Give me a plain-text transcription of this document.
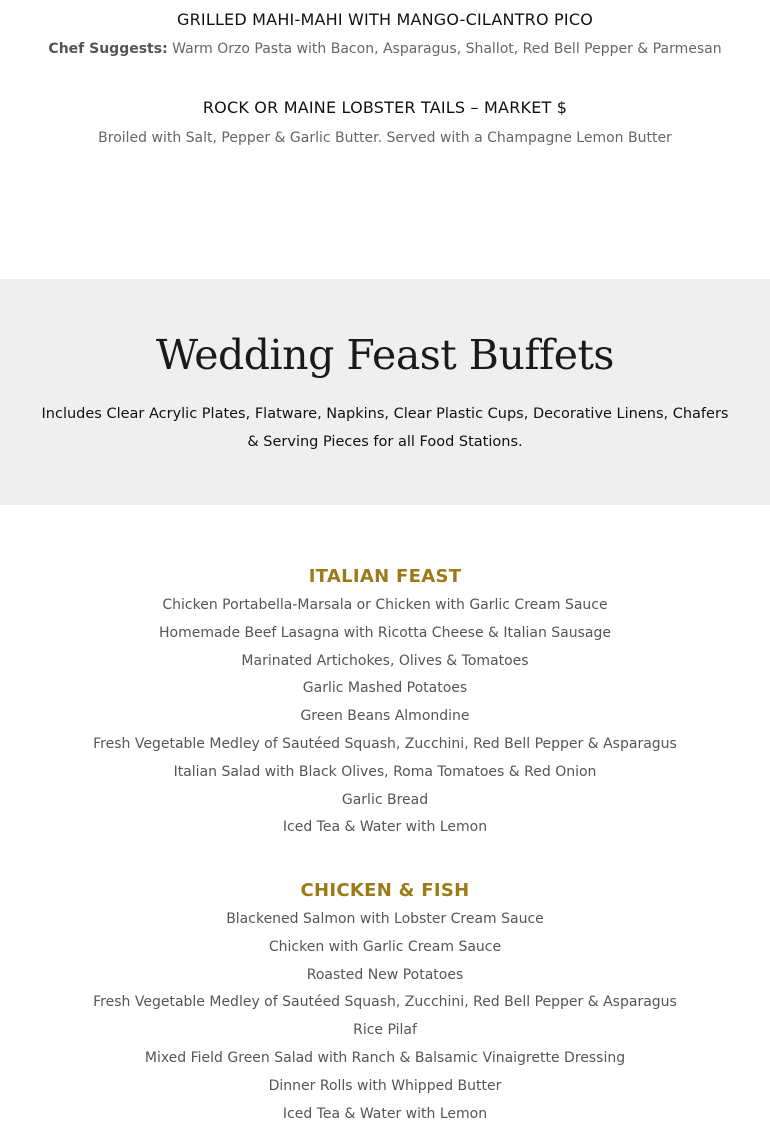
GRILLED MAHI-MAHI WITH MANGO-CILANTRO PICO
Chef Suggests: Warm Orzo Pasta with Bacon, Asparagus, Shallot, Red Bell Pepper & Parmesan
ROCK OR MAINE LOBSTER TAILS – MARKET $
Broiled with Salt, Pepper & Garlic Butter. Served with a Champagne Lemon Butter
Wedding Feast Buffets
Includes Clear Acrylic Plates, Flatware, Napkins, Clear Plastic Cups, Decorative Linens, Chafers & Serving Pieces for all Food Stations.
ITALIAN FEAST
Chicken Portabella-Marsala or Chicken with Garlic Cream Sauce
Homemade Beef Lasagna with Ricotta Cheese & Italian Sausage
Marinated Artichokes, Olives & Tomatoes
Garlic Mashed Potatoes
Green Beans Almondine
Fresh Vegetable Medley of Sautéed Squash, Zucchini, Red Bell Pepper & Asparagus
Italian Salad with Black Olives, Roma Tomatoes & Red Onion
Garlic Bread
Iced Tea & Water with Lemon
CHICKEN & FISH
Blackened Salmon with Lobster Cream Sauce
Chicken with Garlic Cream Sauce
Roasted New Potatoes
Fresh Vegetable Medley of Sautéed Squash, Zucchini, Red Bell Pepper & Asparagus
Rice Pilaf
Mixed Field Green Salad with Ranch & Balsamic Vinaigrette Dressing
Dinner Rolls with Whipped Butter
Iced Tea & Water with Lemon
